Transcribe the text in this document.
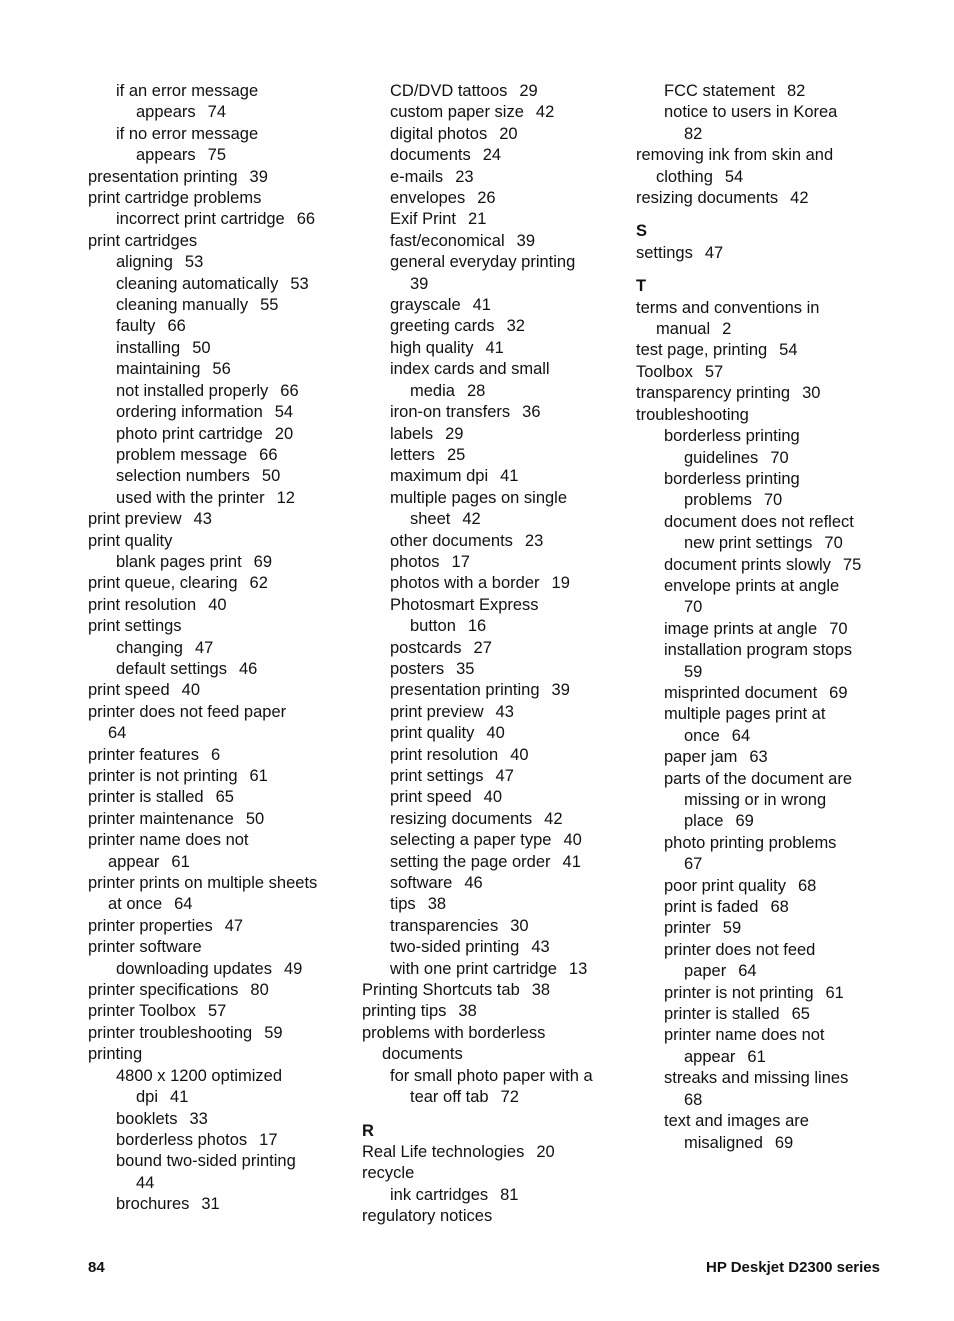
if an error message
appears 74
if no error message
appears 75
presentation printing 39
print cartridge problems
incorrect print cartridge 66
print cartridges
aligning 53
cleaning automatically 53
cleaning manually 55
faulty 66
installing 50
maintaining 56
not installed properly 66
ordering information 54
photo print cartridge 20
problem message 66
selection numbers 50
used with the printer 12
print preview 43
print quality
blank pages print 69
print queue, clearing 62
print resolution 40
print settings
changing 47
default settings 46
print speed 40
printer does not feed paper
64
printer features 6
printer is not printing 61
printer is stalled 65
printer maintenance 50
printer name does not
appear 61
printer prints on multiple sheets
at once 64
printer properties 47
printer software
downloading updates 49
printer specifications 80
printer Toolbox 57
printer troubleshooting 59
printing
4800 x 1200 optimized
dpi 41
booklets 33
borderless photos 17
bound two-sided printing
44
brochures 31
CD/DVD tattoos 29
custom paper size 42
digital photos 20
documents 24
e-mails 23
envelopes 26
Exif Print 21
fast/economical 39
general everyday printing
39
grayscale 41
greeting cards 32
high quality 41
index cards and small
media 28
iron-on transfers 36
labels 29
letters 25
maximum dpi 41
multiple pages on single
sheet 42
other documents 23
photos 17
photos with a border 19
Photosmart Express
button 16
postcards 27
posters 35
presentation printing 39
print preview 43
print quality 40
print resolution 40
print settings 47
print speed 40
resizing documents 42
selecting a paper type 40
setting the page order 41
software 46
tips 38
transparencies 30
two-sided printing 43
with one print cartridge 13
Printing Shortcuts tab 38
printing tips 38
problems with borderless
documents
for small photo paper with a
tear off tab 72
R
Real Life technologies 20
recycle
ink cartridges 81
regulatory notices
FCC statement 82
notice to users in Korea
82
removing ink from skin and
clothing 54
resizing documents 42
S
settings 47
T
terms and conventions in
manual 2
test page, printing 54
Toolbox 57
transparency printing 30
troubleshooting
borderless printing
guidelines 70
borderless printing
problems 70
document does not reflect
new print settings 70
document prints slowly 75
envelope prints at angle
70
image prints at angle 70
installation program stops
59
misprinted document 69
multiple pages print at
once 64
paper jam 63
parts of the document are
missing or in wrong
place 69
photo printing problems
67
poor print quality 68
print is faded 68
printer 59
printer does not feed
paper 64
printer is not printing 61
printer is stalled 65
printer name does not
appear 61
streaks and missing lines
68
text and images are
misaligned 69
84	HP Deskjet D2300 series
